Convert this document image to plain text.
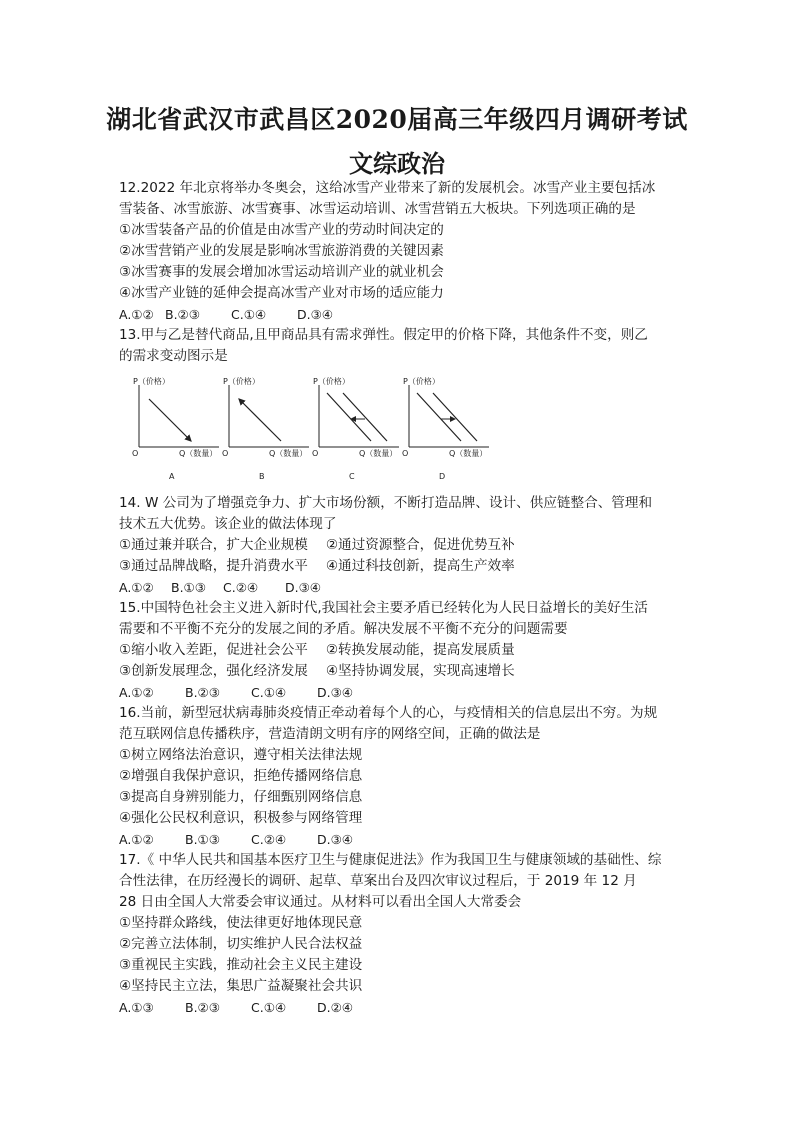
湖北省武汉市武昌区2020届高三年级四月调研考试
文综政治
12.2022 年北京将举办冬奥会，这给冰雪产业带来了新的发展机会。冰雪产业主要包括冰
雪装备、冰雪旅游、冰雪赛事、冰雪运动培训、冰雪营销五大板块。下列选项正确的是
①冰雪装备产品的价值是由冰雪产业的劳动时间决定的
②冰雪营销产业的发展是影响冰雪旅游消费的关键因素
③冰雪赛事的发展会增加冰雪运动培训产业的就业机会
④冰雪产业链的延伸会提高冰雪产业对市场的适应能力
A.①② B.②③ C.①④ D.③④
13.甲与乙是替代商品,且甲商品具有需求弹性。假定甲的价格下降，其他条件不变，则乙
的需求变动图示是
P（价格）
Q（数量）
O
A
P（价格）
Q（数量）
O
B
P（价格）
Q（数量）
O
C
P（价格）
Q（数量）
O
D
14. W 公司为了增强竞争力、扩大市场份额，不断打造品牌、设计、供应链整合、管理和
技术五大优势。该企业的做法体现了
①通过兼并联合，扩大企业规模 　②通过资源整合，促进优势互补
③通过品牌战略，提升消费水平 　④通过科技创新，提高生产效率
A.①② B.①③ C.②④ D.③④
15.中国特色社会主义进入新时代,我国社会主要矛盾已经转化为人民日益增长的美好生活
需要和不平衡不充分的发展之间的矛盾。解决发展不平衡不充分的问题需要
①缩小收入差距，促进社会公平 　②转换发展动能，提高发展质量
③创新发展理念，强化经济发展 　④坚持协调发展，实现高速增长
A.①②	B.②③ C.①④ D.③④
16.当前，新型冠状病毒肺炎疫情正牵动着每个人的心，与疫情相关的信息层出不穷。为规
范互联网信息传播秩序，营造清朗文明有序的网络空间，正确的做法是
①树立网络法治意识，遵守相关法律法规
②增强自我保护意识，拒绝传播网络信息
③提高自身辨别能力，仔细甄别网络信息
④强化公民权利意识，积极参与网络管理
A.①②	B.①③ C.②④ D.③④
17.《 中华人民共和国基本医疗卫生与健康促进法》作为我国卫生与健康领域的基础性、综
合性法律，在历经漫长的调研、起草、草案出台及四次审议过程后，于 2019 年 12 月
28 日由全国人大常委会审议通过。从材料可以看出全国人大常委会
①坚持群众路线，使法律更好地体现民意
②完善立法体制，切实维护人民合法权益
③重视民主实践，推动社会主义民主建设
④坚持民主立法，集思广益凝聚社会共识
A.①③	B.②③ C.①④ D.②④
